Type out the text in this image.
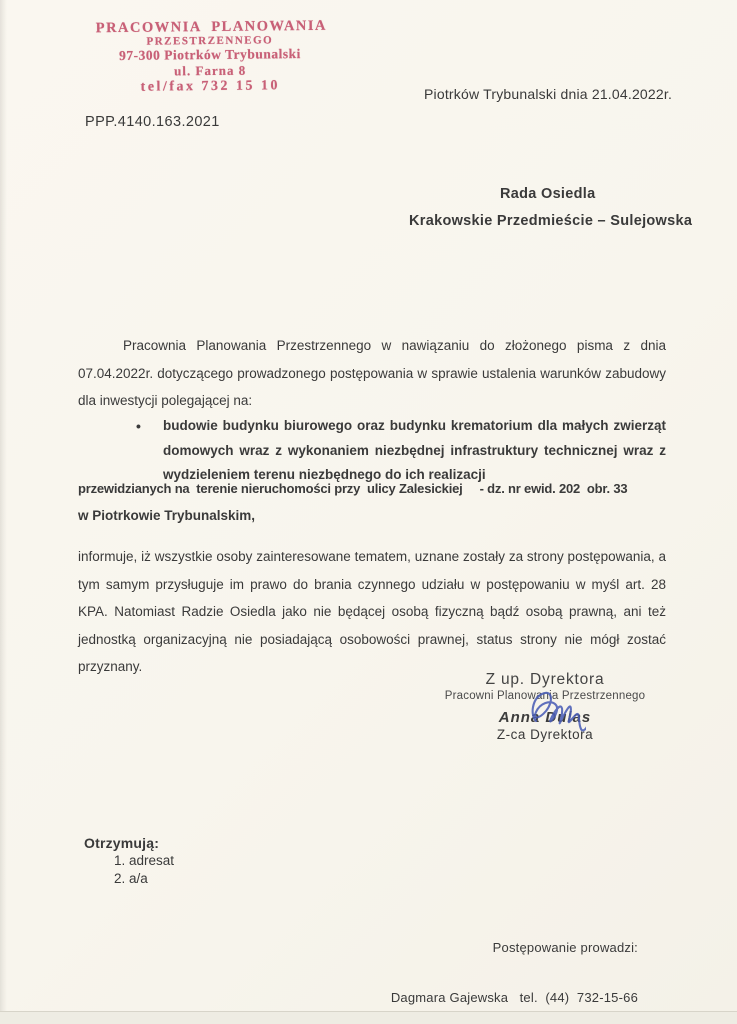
PRACOWNIA  PLANOWANIA
PRZESTRZENNEGO
97-300 Piotrków Trybunalski
ul. Farna 8
tel/fax 732 15 10	Piotrków Trybunalski dnia 21.04.2022r.
PPP.4140.163.2021
Rada Osiedla
Krakowskie Przedmieście – Sulejowska
Pracownia Planowania Przestrzennego w nawiązaniu do złożonego pisma z dnia 07.04.2022r. dotyczącego prowadzonego postępowania w sprawie ustalenia warunków zabudowy dla inwestycji polegającej na:
•	budowie budynku biurowego oraz budynku krematorium dla małych zwierząt domowych wraz z wykonaniem niezbędnej infrastruktury technicznej wraz z wydzieleniem terenu niezbędnego do ich realizacji
przewidzianych na  terenie nieruchomości przy  ulicy Zalesickiej     - dz. nr ewid. 202  obr. 33
w Piotrkowie Trybunalskim,
informuje, iż wszystkie osoby zainteresowane tematem, uznane zostały za strony postępowania, a tym samym przysługuje im prawo do brania czynnego udziału w postępowaniu w myśl art. 28 KPA. Natomiast Radzie Osiedla jako nie będącej osobą fizyczną bądź osobą prawną, ani też jednostką organizacyjną nie posiadającą osobowości prawnej, status strony nie mógł zostać przyznany.
Z up. Dyrektora
Pracowni Planowania Przestrzennego
Anna Dulas
Z-ca Dyrektora
Otrzymują:
1. adresat
2. a/a

Postępowanie prowadzi:

Dagmara Gajewska   tel.  (44)  732-15-66
